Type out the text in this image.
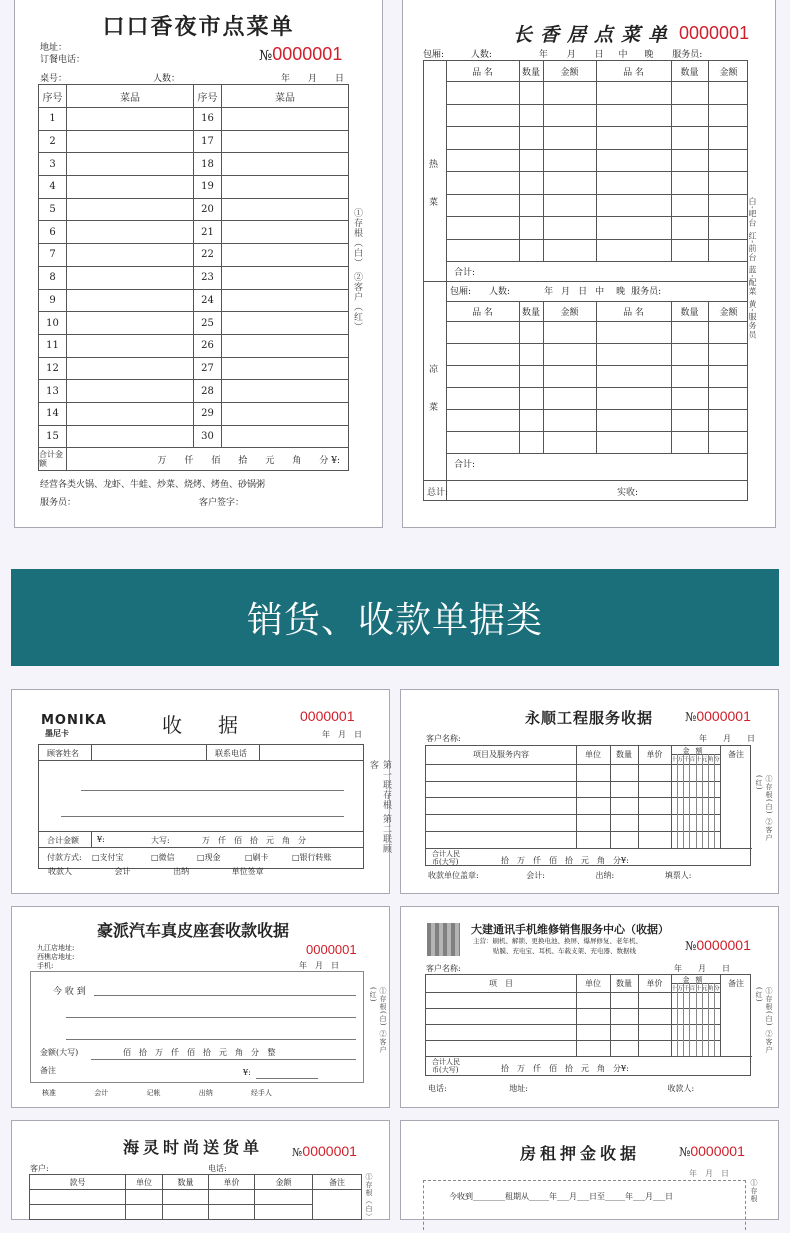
口口香夜市点菜单
地址：
订餐电话：	№0000001
桌号：	人数：	年　　月　　日
序号	菜品	序号	菜品
1		16	
2		17	
3		18	
4		19	
5		20	
6		21	
7		22	
8		23	
9		24	
10		25	
11		26	
12		27	
13		28	
14		29	
15		30	
合计金额	万　　仟　　佰　　拾　　元　　角　　分 ¥:		
经营各类火锅、龙虾、牛蛙、炒菜、烧烤、烤鱼、砂锅粥
服务员：	客户签字：
①存根（白） ②客户（红）
长香居点菜单 0000001
包厢:	人数:	年 月 日 中 晚 服务员:
热菜
凉菜
品 名	数量	金额	品 名	数量	金额
合计:
包厢: 人数:	年 月 日 中 晚 服务员:
品 名	数量	金额	品 名	数量	金额
合计:
总计:	实收:
白-吧台 红-前台 蓝-配菜 黄-服务员
销货、收款单据类
MONIKA
墨尼卡	收　据	0000001
年　月　日
顾客姓名	联系电话
合计金额 ¥:	大写:	万　仟　佰　拾　元　角　分
付款方式: □支付宝	□微信	□现金	□刷卡	□银行转账
收款人	会计	出纳	单位签章
第一联存根 第二联顾客
永顺工程服务收据	№0000001
客户名称:	年　　月　　日
项目及服务内容	单位	数量	单价	备注
金额
十 万 千 百 十 元 角 分
合计人民币(大写)	拾　万　仟　佰　拾　元　角　分¥:
收款单位盖章:	会计:	出纳:	填票人:
①存根(白) ②客户(红)
豪派汽车真皮座套收款收据
九江店地址:
西樵店地址:
手机:
0000001
年　月　日
今 收 到
金额(大写)	佰　拾　万　仟　佰　拾　元　角　分 整
备注	¥:
核准	会计	记帐	出纳	经手人
①存根(白) ②客户(红)
大建通讯手机维修销售服务中心（收据）
主营：刷机、解锁、更换电池、换屏、爆屏修复、老年机、
贴膜、充电宝、耳机、车载支架、充电器、数据线	№0000001
客户名称:	年　　月　　日
项　目	单位	数量	单价	备注
金额
十 万 千 百 十 元 角 分
合计人民币(大写)	拾　万　仟　佰　拾　元　角　分¥:
电话:	地址:	收款人:
①存根(白) ②客户(红)
海灵时尚送货单	№0000001
客户:	电话:
款号	单位	数量	单价	金额	备注

					①存根（白）
房租押金收据	№0000001
年　月　日
今收到________租期从_____年___月___日至_____年___月___日	①存根
